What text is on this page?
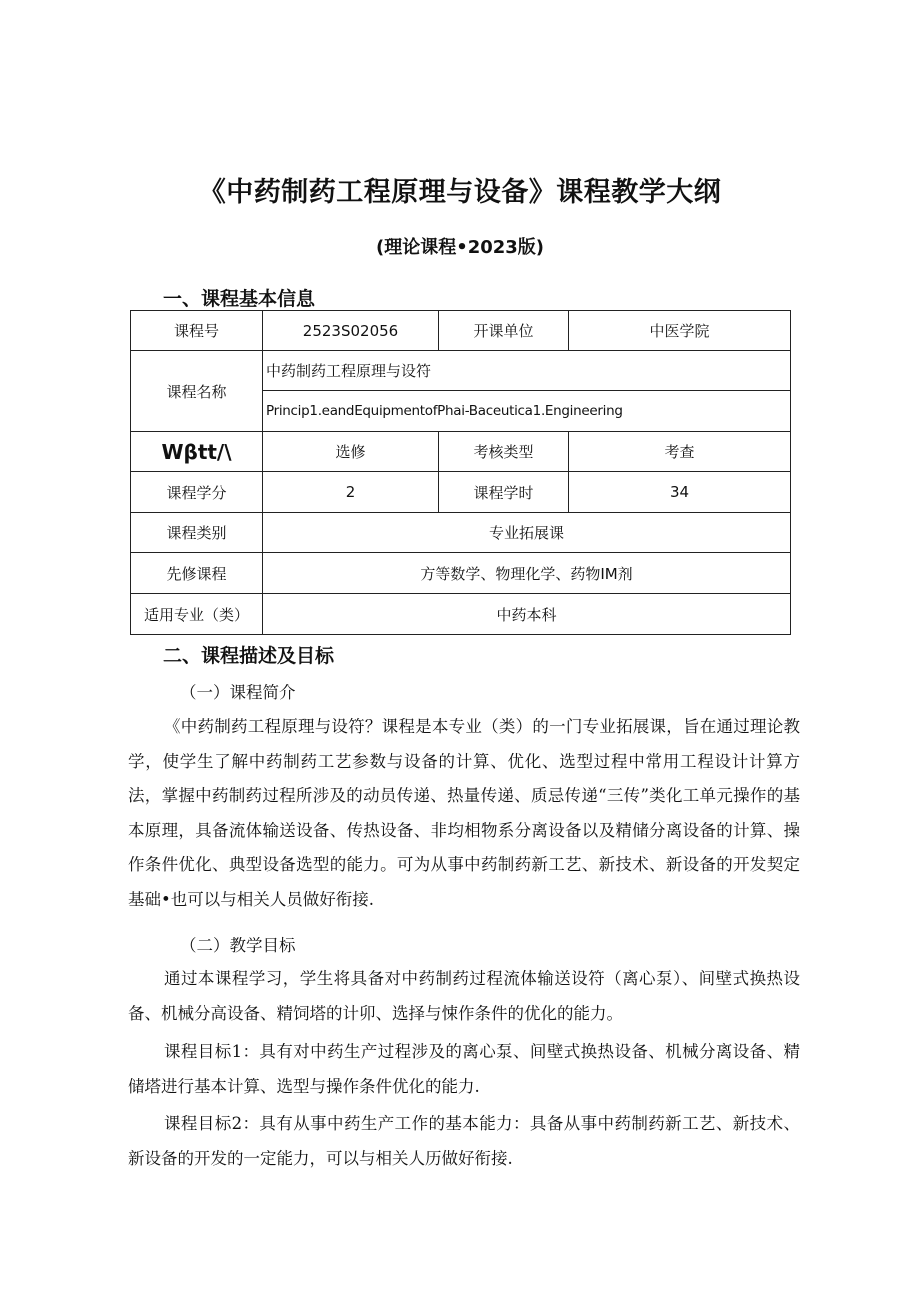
《中药制药工程原理与设备》课程教学大纲
(理论课程•2023版)
一、课程基本信息
课程号	2523S02056	开课单位	中医学院
课程名称	中药制药工程原理与设符		
	Princip1.eandEquipmentofPhai-Baceutica1.Engineering		
Wβtt/\	选修	考核类型	考查
课程学分	2	课程学时	34
课程类别	专业拓展课		
先修课程	方等数学、物理化学、药物IM剂		
适用专业（类）	中药本科		
二、课程描述及目标
（一）课程简介

《中药制药工程原理与设符？课程是本专业（类）的一门专业拓展课，旨在通过理论教学，使学生了解中药制药工艺参数与设备的计算、优化、选型过程中常用工程设计计算方法，掌握中药制药过程所涉及的动员传递、热量传递、质忌传递“三传”类化工单元操作的基本原理，具备流体输送设备、传热设备、非均相物系分离设备以及精储分离设备的计算、操作条件优化、典型设备选型的能力。可为从事中药制药新工艺、新技术、新设备的开发契定基础•也可以与相关人员做好衔接.

（二）教学目标

通过本课程学习，学生将具备对中药制药过程流体输送设符（离心泵）、间壁式换热设备、机械分高设备、精饲塔的计卯、选择与悚作条件的优化的能力。

课程目标1：具有对中药生产过程涉及的离心泵、间壁式换热设备、机械分离设备、精储塔进行基本计算、选型与操作条件优化的能力.

课程目标2：具有从事中药生产工作的基本能力：具备从事中药制药新工艺、新技术、新设备的开发的一定能力，可以与相关人历做好衔接.
